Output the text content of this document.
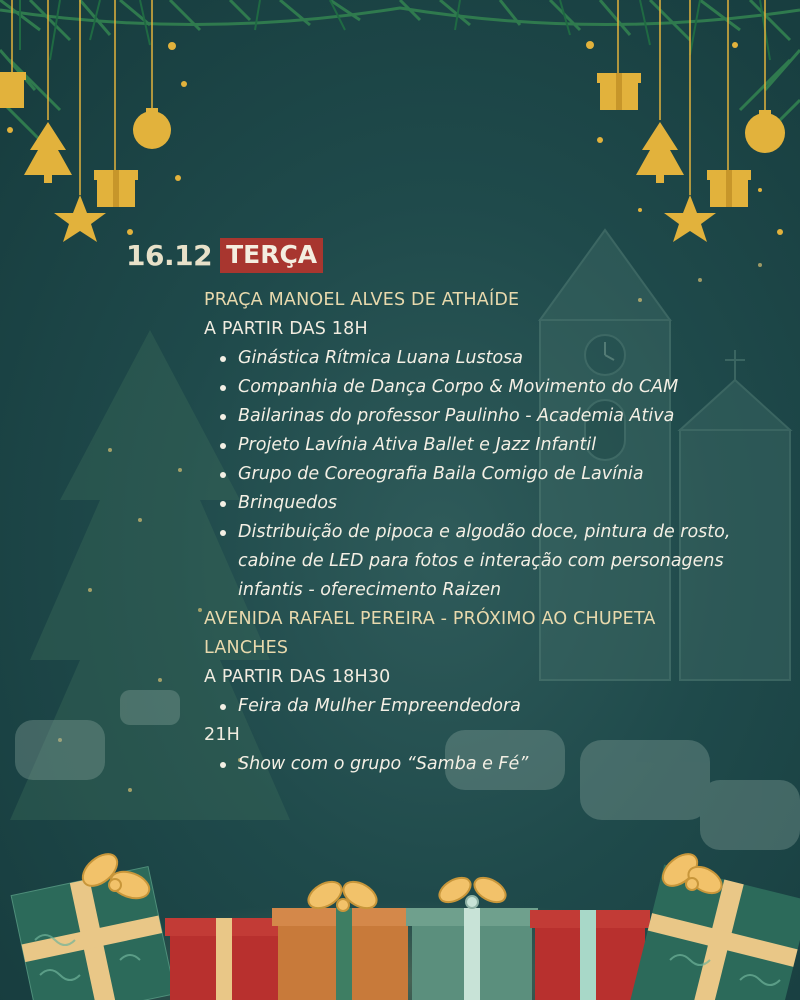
16.12 TERÇA
PRAÇA MANOEL ALVES DE ATHAÍDE
A PARTIR DAS 18H
Ginástica Rítmica Luana Lustosa
Companhia de Dança Corpo & Movimento do CAM
Bailarinas do professor Paulinho - Academia Ativa
Projeto Lavínia Ativa Ballet e Jazz Infantil
Grupo de Coreografia Baila Comigo de Lavínia
Brinquedos
Distribuição de pipoca e algodão doce, pintura de rosto, cabine de LED para fotos e interação com personagens infantis - oferecimento Raizen
AVENIDA RAFAEL PEREIRA - PRÓXIMO AO CHUPETA LANCHES
A PARTIR DAS 18H30
Feira da Mulher Empreendedora
21H
Show com o grupo “Samba e Fé”
